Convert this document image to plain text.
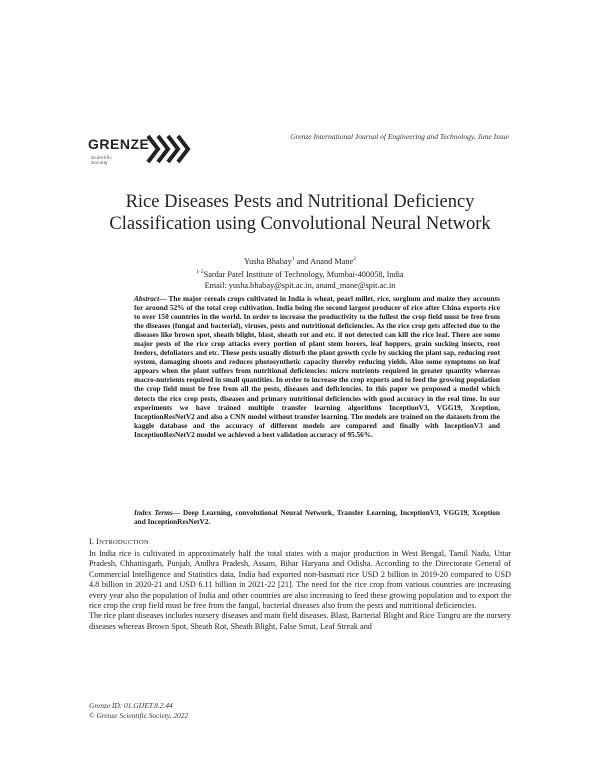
GRENZE
Scientific Society
Grenze International Journal of Engineering and Technology, June Issue
Rice Diseases Pests and Nutritional Deficiency
Classification using Convolutional Neural Network
Yusha Bhabay$^1$ and Anand Mane$^2$
$^{1-2}$Sardar Patel Institute of Technology, Mumbai-400058, India
Email: yusha.bhabay@spit.ac.in, anand_mane@spit.ac.in
Abstract— The major cereals crops cultivated in India is wheat, pearl millet, rice, sorghum and maize they accounts for around 52% of the total crop cultivation. India being the second largest producer of rice after China exports rice to over 150 countries in the world. In order to increase the productivity to the fullest the crop field must be free from the diseases (fungal and bacterial), viruses, pests and nutritional deficiencies. As the rice crop gets affected due to the diseases like brown spot, sheath blight, blast, sheath rot and etc. if not detected can kill the rice leaf. There are some major pests of the rice crop attacks every portion of plant stem borers, leaf hoppers, grain sucking insects, root feeders, defoliators and etc. These pests usually disturb the plant growth cycle by sucking the plant sap, reducing root system, damaging shoots and reduces photosynthetic capacity thereby reducing yields. Also some symptoms on leaf appears when the plant suffers from nutritional deficiencies: micro nutrients required in greater quantity whereas macro-nutrients required in small quantities. In order to increase the crop exports and to feed the growing population the crop field must be free from all the pests, diseases and deficiencies. In this paper we proposed a model which detects the rice crop pests, diseases and primary nutritional deficiencies with good accuracy in the real time. In our experiments we have trained multiple transfer learning algorithms InceptionV3, VGG19, Xception, InceptionResNetV2 and also a CNN model without transfer learning. The models are trained on the datasets from the kaggle database and the accuracy of different models are compared and finally with InceptionV3 and InceptionResNetV2 model we achieved a best validation accuracy of 95.56%.
Index Terms— Deep Learning, convolutional Neural Network, Transfer Learning, InceptionV3, VGG19, Xception and InceptionResNetV2.
I. INTRODUCTION

In India rice is cultivated in approximately half the total states with a major production in West Bengal, Tamil Nadu, Uttar Pradesh, Chhattisgarh, Punjab, Andhra Pradesh, Assam, Bihar Haryana and Odisha. According to the Directorate General of Commercial Intelligence and Statistics data, India had exported non-basmati rice USD 2 billion in 2019-20 compared to USD 4.8 billion in 2020-21 and USD 6.11 billion in 2021-22 [21]. The need for the rice crop from various countries are increasing every year also the population of India and other countries are also increasing to feed these growing population and to export the rice crop the crop field must be free from the fangal, bacterial diseases also from the pests and nutritional deficiencies.

The rice plant diseases includes nursery diseases and main field diseases. Blast, Bacterial Blight and Rice Tungru are the nursery diseases whereas Brown Spot, Sheath Rot, Sheath Blight, False Smut, Leaf Streak and

Grenze ID: 01.GIJET.8.2.44
© Grenze Scientific Society, 2022
